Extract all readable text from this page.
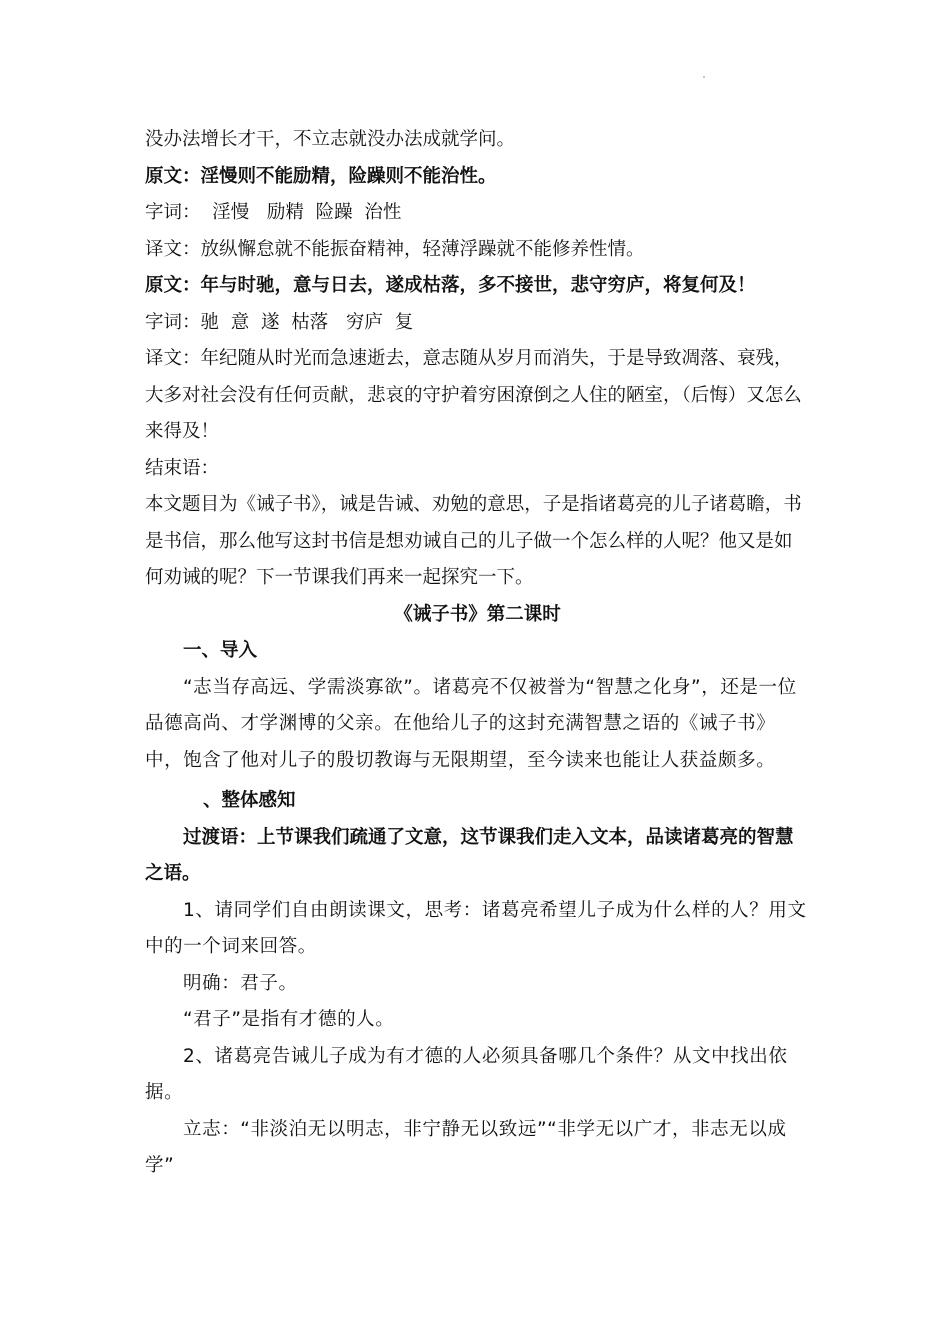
没办法增长才干，不立志就没办法成就学问。

原文：淫慢则不能励精，险躁则不能治性。

字词：  淫慢   励精  险躁  治性

译文：放纵懈怠就不能振奋精神，轻薄浮躁就不能修养性情。

原文：年与时驰，意与日去，遂成枯落，多不接世，悲守穷庐，将复何及！

字词：驰  意  遂  枯落   穷庐  复

译文：年纪随从时光而急速逝去，意志随从岁月而消失，于是导致凋落、衰残，大多对社会没有任何贡献，悲哀的守护着穷困潦倒之人住的陋室，（后悔）又怎么来得及！

结束语：

本文题目为《诫子书》，诫是告诫、劝勉的意思，子是指诸葛亮的儿子诸葛瞻，书是书信，那么他写这封书信是想劝诫自己的儿子做一个怎么样的人呢？他又是如何劝诫的呢？下一节课我们再来一起探究一下。

《诫子书》第二课时

一、导入

“志当存高远、学需淡寡欲”。诸葛亮不仅被誉为“智慧之化身”，还是一位品德高尚、才学渊博的父亲。在他给儿子的这封充满智慧之语的《诫子书》中，饱含了他对儿子的殷切教诲与无限期望，至今读来也能让人获益颇多。

、整体感知

过渡语：上节课我们疏通了文意，这节课我们走入文本，品读诸葛亮的智慧之语。

1、请同学们自由朗读课文，思考：诸葛亮希望儿子成为什么样的人？用文中的一个词来回答。

明确：君子。

“君子”是指有才德的人。

2、诸葛亮告诫儿子成为有才德的人必须具备哪几个条件？从文中找出依据。

立志：“非淡泊无以明志，非宁静无以致远”“非学无以广才，非志无以成学”
